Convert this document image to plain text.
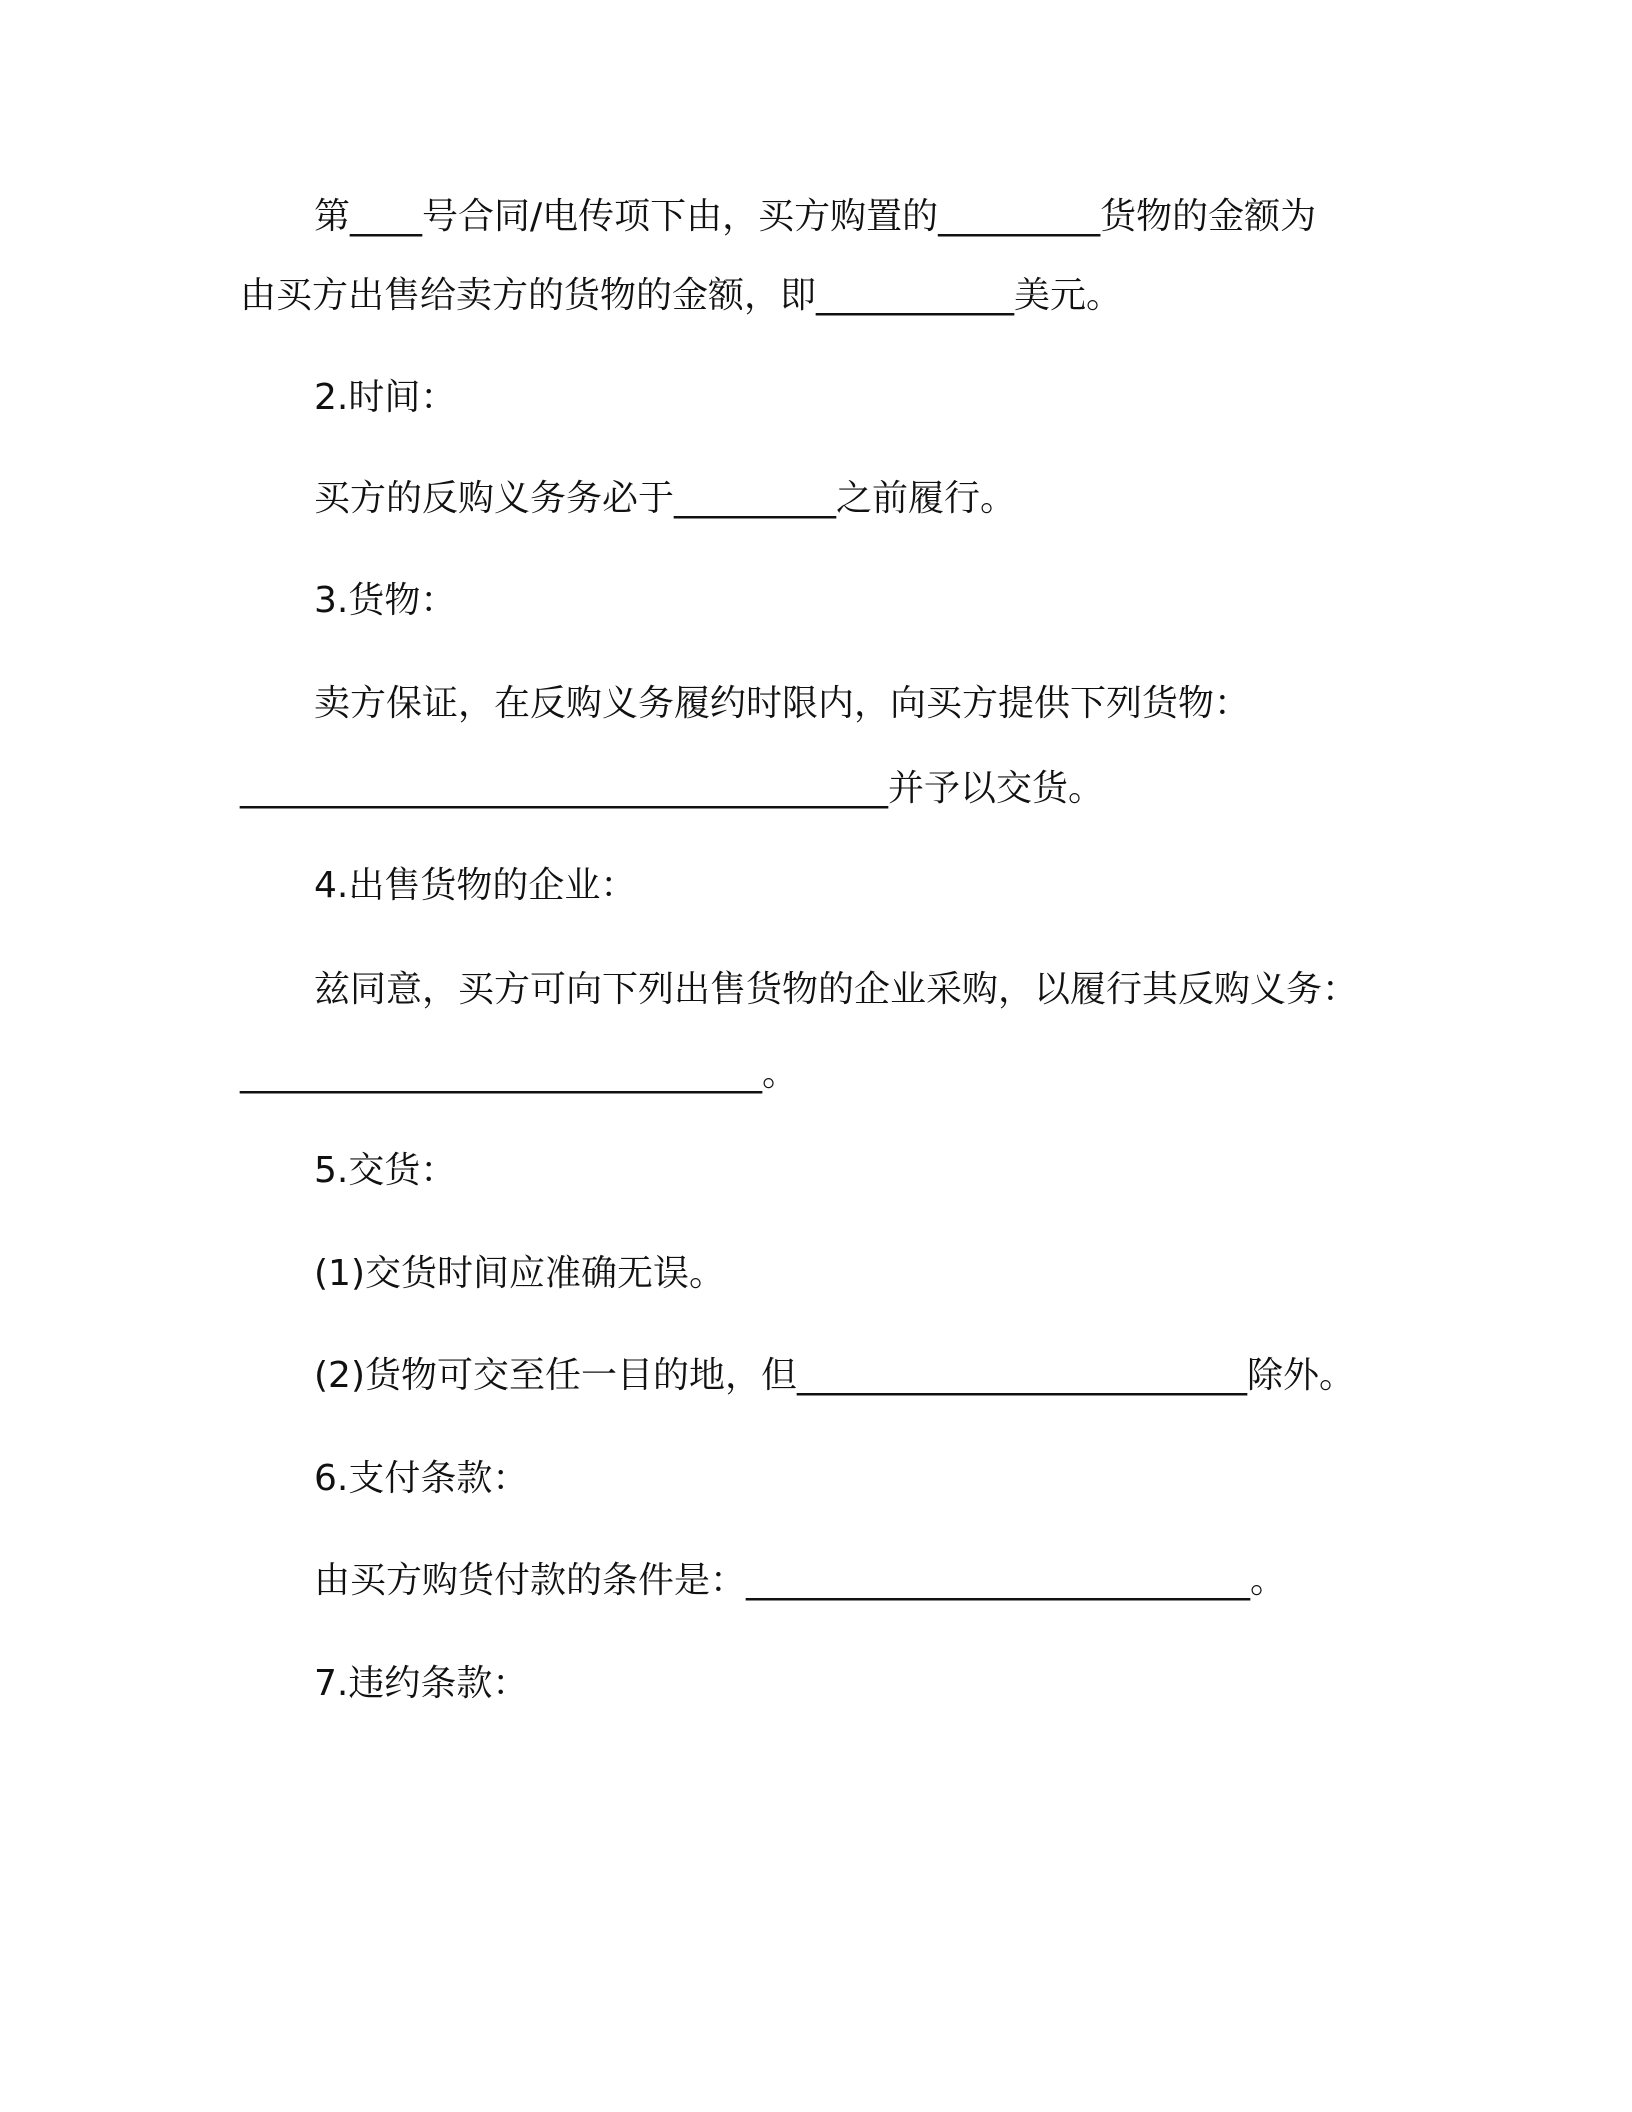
第____号合同/电传项下由，买方购置的_________货物的金额为
由买方出售给卖方的货物的金额，即___________美元。
2.时间：
买方的反购义务务必于_________之前履行。
3.货物：
卖方保证，在反购义务履约时限内，向买方提供下列货物：
____________________________________并予以交货。
4.出售货物的企业：
兹同意，买方可向下列出售货物的企业采购，以履行其反购义务：
_____________________________。
5.交货：
(1)交货时间应准确无误。
(2)货物可交至任一目的地，但_________________________除外。
6.支付条款：
由买方购货付款的条件是：____________________________。
7.违约条款：
